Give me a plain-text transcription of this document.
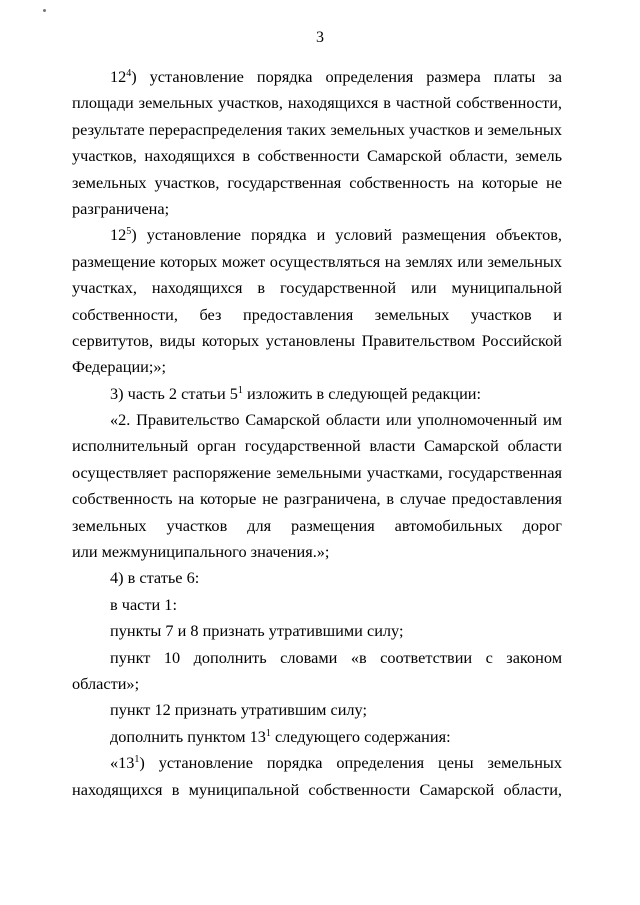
3
$12^4$) установление порядка определения размера платы за
площади земельных участков, находящихся в частной собственности,
результате перераспределения таких земельных участков и земельных
участков, находящихся в собственности Самарской области, земель
земельных участков, государственная собственность на которые не
разграничена;
$12^5$) установление порядка и условий размещения объектов,
размещение которых может осуществляться на землях или земельных
участках, находящихся в государственной или муниципальной
собственности, без предоставления земельных участков и
сервитутов, виды которых установлены Правительством Российской
Федерации;»;
3) часть 2 статьи $5^1$ изложить в следующей редакции:
«2. Правительство Самарской области или уполномоченный им
исполнительный орган государственной власти Самарской области
осуществляет распоряжение земельными участками, государственная
собственность на которые не разграничена, в случае предоставления
земельных участков для размещения автомобильных дорог
или межмуниципального значения.»;
4) в статье 6:
в части 1:
пункты 7 и 8 признать утратившими силу;
пункт 10 дополнить словами «в соответствии с законом
области»;
пункт 12 признать утратившим силу;
дополнить пунктом $13^1$ следующего содержания:
«$13^1$) установление порядка определения цены земельных
находящихся в муниципальной собственности Самарской области,
